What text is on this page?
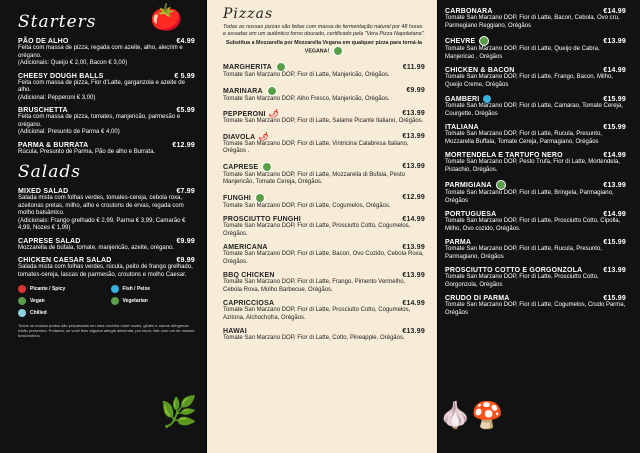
🍅
Starters
PÃO DE ALHO	€4.99
Feita com massa de pizza, regada com azeite, alho, alecrim e orégano.
(Adicionais: Queijo € 2,00, Bacon € 3,00)
CHEESY DOUGH BALLS	€ 5.99
Feita com massa de pizza, Fior d'Latte, garganzola e azeite de alho.
(Adicional: Pepperoni € 3,00)
BRUSCHETTA	€5.99
Feita com massa de pizza, tomates, manjericão, parmesão e orégano.
(Adicional: Presunto de Parma € 4,00)
PARMA & BURRATA	€12.99
Rúcula, Presunto de Parma, Pão de alho e Burrata.
Salads
MIXED SALAD	€7.99
Salada mista com folhas verdes, tomates-cereja, cebola roxa, azeitonas pretas, milho, alho e croutons de ervas, regada com molho balsâmico.
(Adicionais: Frango grelhado € 2,99, Parma € 3,99, Camarão € 4,99, Nozes € 1,99)
CAPRESE SALAD	€9.99
Mozzarella de búfala, tomate, manjericão, azeite, orégano.
CHICKEN CAESAR SALAD	€9.99
Salada mista com folhas verdes, rúcula, peito de frango grelhado, tomates-cereja, lascas de parmesão, croutons e molho Caesar.
Picante / Spicy	Fish / Peixe
Vegan	Vegetarian
Chilled
Todos os nossos pratos são preparados em uma cozinha onde nozes, glúten e outros alérgenos estão presentes. Portanto, se você tiver alguma alergia alimentar, por favor, fale com um de nossos funcionários.
🌿
Pizzas
Todas as nossas pizzas são feitas com massa de fermentação natural por 48 horas e assadas em um autêntico forno dourado, certificado pela "Vera Pizza Napoletana".
Substitua a Mozzarella por Mozzarella Vegana em qualquer pizza para torná-la VEGANA!
MARGHERITA	€11.99
Tomate San Marzano DOP, Fior di Latte, Manjericão, Orégãos.
MARINARA	€9.99
Tomate San Marzano DOP, Alho Fresco, Manjericão, Orégãos.
PEPPERONI 🌶	€13.99
Tomate San Marzano DOP, Fior di Latte, Salame Picante Italiano, Orégãos.
DIAVOLA 🌶	€13.99
Tomate San Marzano DOP, Fior di Latte, Vintricina Calabresa Italiano, Orégãos .
CAPRESE	€13.99
Tomate San Marzano DOP, Fior di Latte, Mozzarella di Bufala, Pesto Manjericão, Tomate Cereja, Orégãos.
FUNGHI	€12.99
Tomate San Marzano DOP, Fior di Latte, Cogumelos, Orégãos.
PROSCIUTTO FUNGHI	€14.99
Tomate San Marzano DOP, Fior di Latte, Prosciutto Cotto, Cogumelos, Orégãos.
AMERICANA	€13.99
Tomate San Marzano DOP, Fior di Latte, Bacon, Ovo Cozido, Cebola Roxa, Orégãos.
BBQ CHICKEN	€13.99
Tomate San Marzano DOP, Fior di Latte, Frango, Pimento Vermelho, Cebola Roxa, Molho Barbecue, Orégãos.
CAPRICCIOSA	€14.99
Tomate San Marzano DOP, Fior di Latte, Prosciutto Cotto, Cogumelos, Azitona, Alchochofra, Orégãos.
HAWAI	€13.99
Tomate San Marzano DOP, Fior di Latte, Cotto, Pineapple, Orégãos.
CARBONARA	€14.99
Tomate San Marzano DOP, Fior di Latte, Bacon, Cebola, Ovo cru, Parmegiano Reggiano, Orégãos
CHEVRE	€13.99
Tomate San Marzano DOP, Fior di Latte, Queijo de Cabra, Manjericao , Orégãos
CHICKEN & BACON	€14.99
Tomate San Marzano DOP, Fior di Latte, Frango, Bacon, Milho, Queijo Creme, Orégãos
GAMBERI	€15.99
Tomate San Marzano DOP, Fior di Latte, Camarao, Tomate Cereja, Courgette, Orégãos
ITALIANA	€15.99
Tomate San Marzano DOP, Fior di Latte, Rucula, Presunto, Mozzarella Buffala, Tomate Cereja, Parmagiano, Orégãos
MORTENDELA E TARTUFO NERO	€14.99
Tomate San Marzano DOP, Pesto Trufa, Fior di Latte, Mortendela, Pistachio, Orégãos.
PARMIGIANA	€13.99
Tomate San Marzano DOP, Fior di Latte, Bringela, Parmagiano, Orégãos
PORTUGUESA	€14.99
Tomate San Marzano DOP, Fior di Latte, Prosciutto Cotto, Cipolla, Milho, Ovo cozido, Orégãos.
PARMA	€15.99
Tomate San Marzano DOP, Fior di Latte, Rucula, Presunto, Parmagiano, Orégãos
PROSCIUTTO COTTO E GORGONZOLA	€13.99
Tomate San Marzano DOP, Fior di Latte, Prosciutto Cotto, Gorgonzola, Orégãos
CRUDO DI PARMA	€15.99
Tomate San Marzano DOP, Fior di Latte, Cogumelos, Crudo Parma, Orégãos
🧄🍄
